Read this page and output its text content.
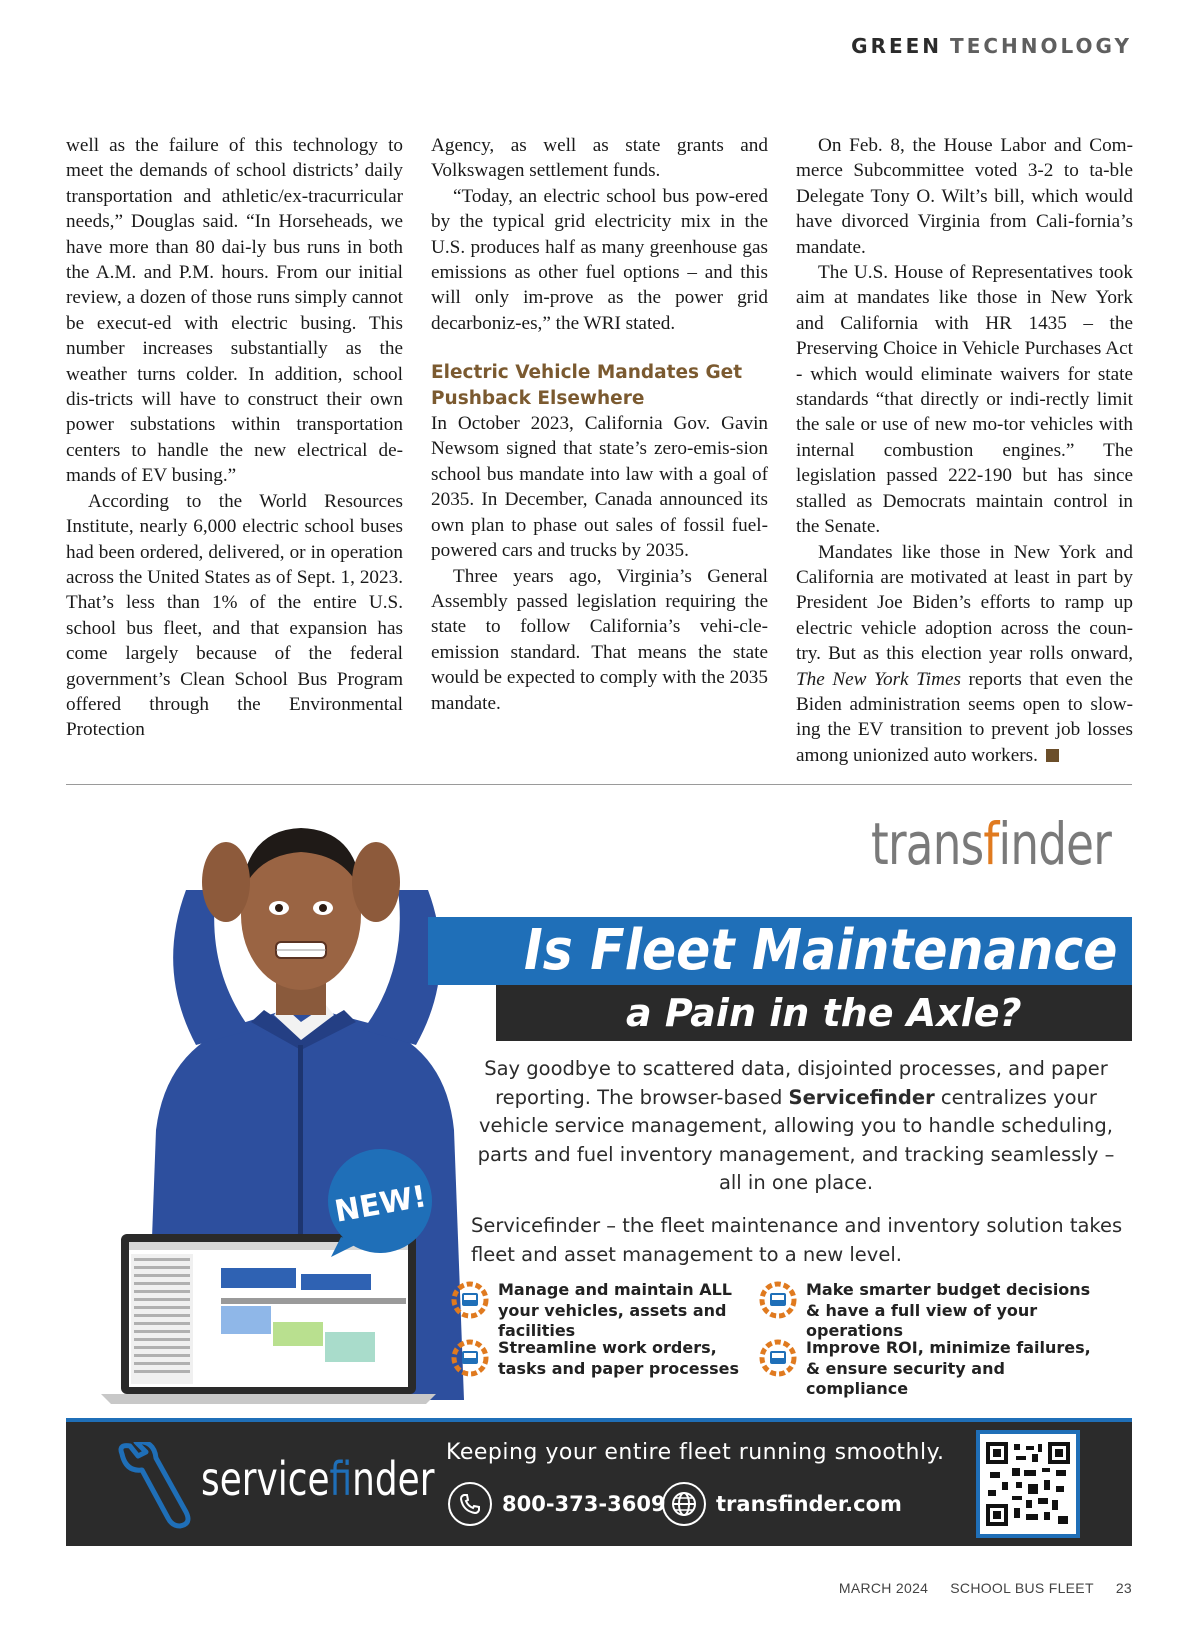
GREEN TECHNOLOGY

well as the failure of this technology to meet the demands of school districts’ daily transportation and athletic/ex-tracurricular needs,” Douglas said. “In Horseheads, we have more than 80 dai-ly bus runs in both the A.M. and P.M. hours. From our initial review, a dozen of those runs simply cannot be execut-ed with electric busing. This number increases substantially as the weather turns colder. In addition, school dis-tricts will have to construct their own power substations within transportation centers to handle the new electrical de-mands of EV busing.”

According to the World Resources Institute, nearly 6,000 electric school buses had been ordered, delivered, or in operation across the United States as of Sept. 1, 2023. That’s less than 1% of the entire U.S. school bus fleet, and that expansion has come largely because of the federal government’s Clean School Bus Program offered through the Environmental Protection

Agency, as well as state grants and Volkswagen settlement funds.

“Today, an electric school bus pow-ered by the typical grid electricity mix in the U.S. produces half as many greenhouse gas emissions as other fuel options – and this will only im-prove as the power grid decarboniz-es,” the WRI stated.

Electric Vehicle Mandates Get Pushback Elsewhere

In October 2023, California Gov. Gavin Newsom signed that state’s zero-emis-sion school bus mandate into law with a goal of 2035. In December, Canada announced its own plan to phase out sales of fossil fuel-powered cars and trucks by 2035.

Three years ago, Virginia’s General Assembly passed legislation requiring the state to follow California’s vehi-cle-emission standard. That means the state would be expected to comply with the 2035 mandate.

On Feb. 8, the House Labor and Com-merce Subcommittee voted 3-2 to ta-ble Delegate Tony O. Wilt’s bill, which would have divorced Virginia from Cali-fornia’s mandate.

The U.S. House of Representatives took aim at mandates like those in New York and California with HR 1435 – the Preserving Choice in Vehicle Purchases Act - which would eliminate waivers for state standards “that directly or indi-rectly limit the sale or use of new mo-tor vehicles with internal combustion engines.” The legislation passed 222-190 but has since stalled as Democrats maintain control in the Senate.

Mandates like those in New York and California are motivated at least in part by President Joe Biden’s efforts to ramp up electric vehicle adoption across the coun-try. But as this election year rolls onward, The New York Times reports that even the Biden administration seems open to slow-ing the EV transition to prevent job losses among unionized auto workers.

transfinder
Is Fleet Maintenance
a Pain in the Axle?

Say goodbye to scattered data, disjointed processes, and paper reporting. The browser-based Servicefinder centralizes your vehicle service management, allowing you to handle scheduling, parts and fuel inventory management, and tracking seamlessly – all in one place.

Servicefinder – the fleet maintenance and inventory solution takes fleet and asset management to a new level.

NEW!
Manage and maintain ALL your vehicles, assets and facilities
Make smarter budget decisions & have a full view of your operations
Streamline work orders, tasks and paper processes
Improve ROI, minimize failures, & ensure security and compliance
servicefinder Keeping your entire fleet running smoothly.
800-373-3609 transfinder.com
MARCH 2024 SCHOOL BUS FLEET 23
